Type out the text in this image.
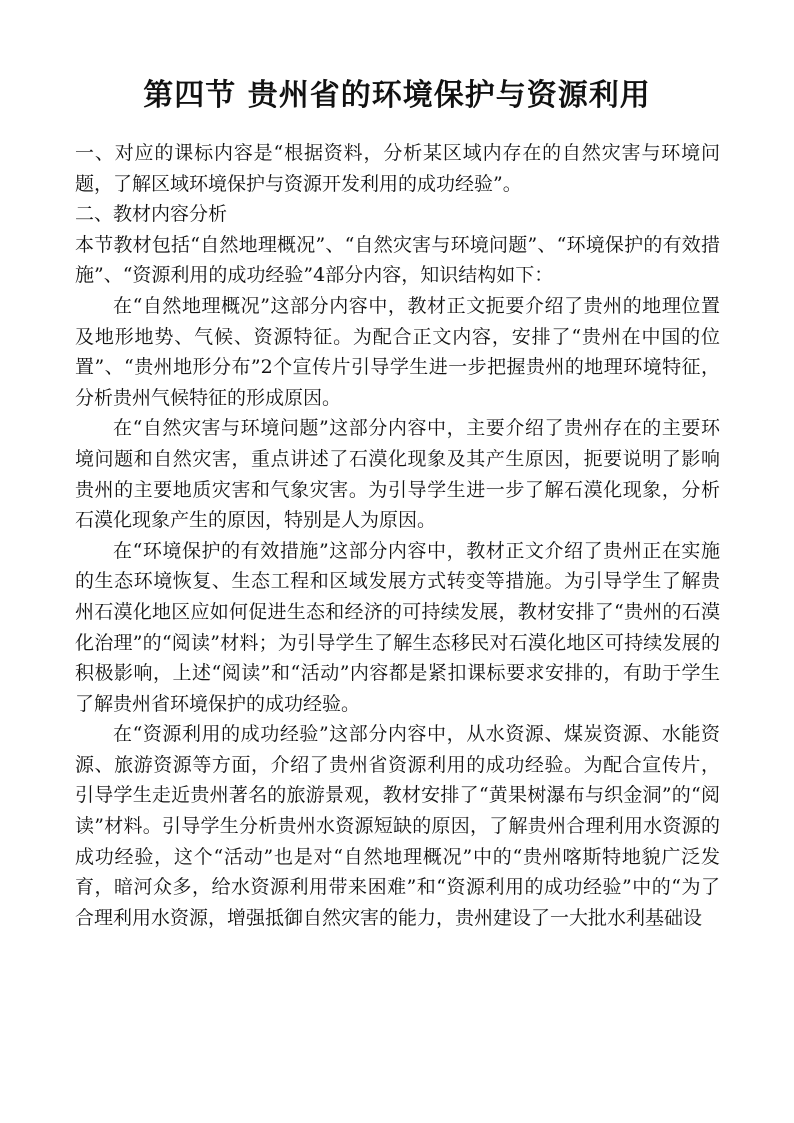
第四节 贵州省的环境保护与资源利用

一、对应的课标内容是“根据资料，分析某区域内存在的自然灾害与环境问题，了解区域环境保护与资源开发利用的成功经验”。

二、教材内容分析

本节教材包括“自然地理概况”、“自然灾害与环境问题”、“环境保护的有效措施”、“资源利用的成功经验”4部分内容，知识结构如下：

在“自然地理概况”这部分内容中，教材正文扼要介绍了贵州的地理位置及地形地势、气候、资源特征。为配合正文内容，安排了“贵州在中国的位置”、“贵州地形分布”2个宣传片引导学生进一步把握贵州的地理环境特征，分析贵州气候特征的形成原因。

在“自然灾害与环境问题”这部分内容中，主要介绍了贵州存在的主要环境问题和自然灾害，重点讲述了石漠化现象及其产生原因，扼要说明了影响贵州的主要地质灾害和气象灾害。为引导学生进一步了解石漠化现象，分析石漠化现象产生的原因，特别是人为原因。

在“环境保护的有效措施”这部分内容中，教材正文介绍了贵州正在实施的生态环境恢复、生态工程和区域发展方式转变等措施。为引导学生了解贵州石漠化地区应如何促进生态和经济的可持续发展，教材安排了“贵州的石漠化治理”的“阅读”材料；为引导学生了解生态移民对石漠化地区可持续发展的积极影响，上述“阅读”和“活动”内容都是紧扣课标要求安排的，有助于学生了解贵州省环境保护的成功经验。

在“资源利用的成功经验”这部分内容中，从水资源、煤炭资源、水能资源、旅游资源等方面，介绍了贵州省资源利用的成功经验。为配合宣传片，引导学生走近贵州著名的旅游景观，教材安排了“黄果树瀑布与织金洞”的“阅读”材料。引导学生分析贵州水资源短缺的原因，了解贵州合理利用水资源的成功经验，这个“活动”也是对“自然地理概况”中的“贵州喀斯特地貌广泛发育，暗河众多，给水资源利用带来困难”和“资源利用的成功经验”中的“为了合理利用水资源，增强抵御自然灾害的能力，贵州建设了一大批水利基础设
